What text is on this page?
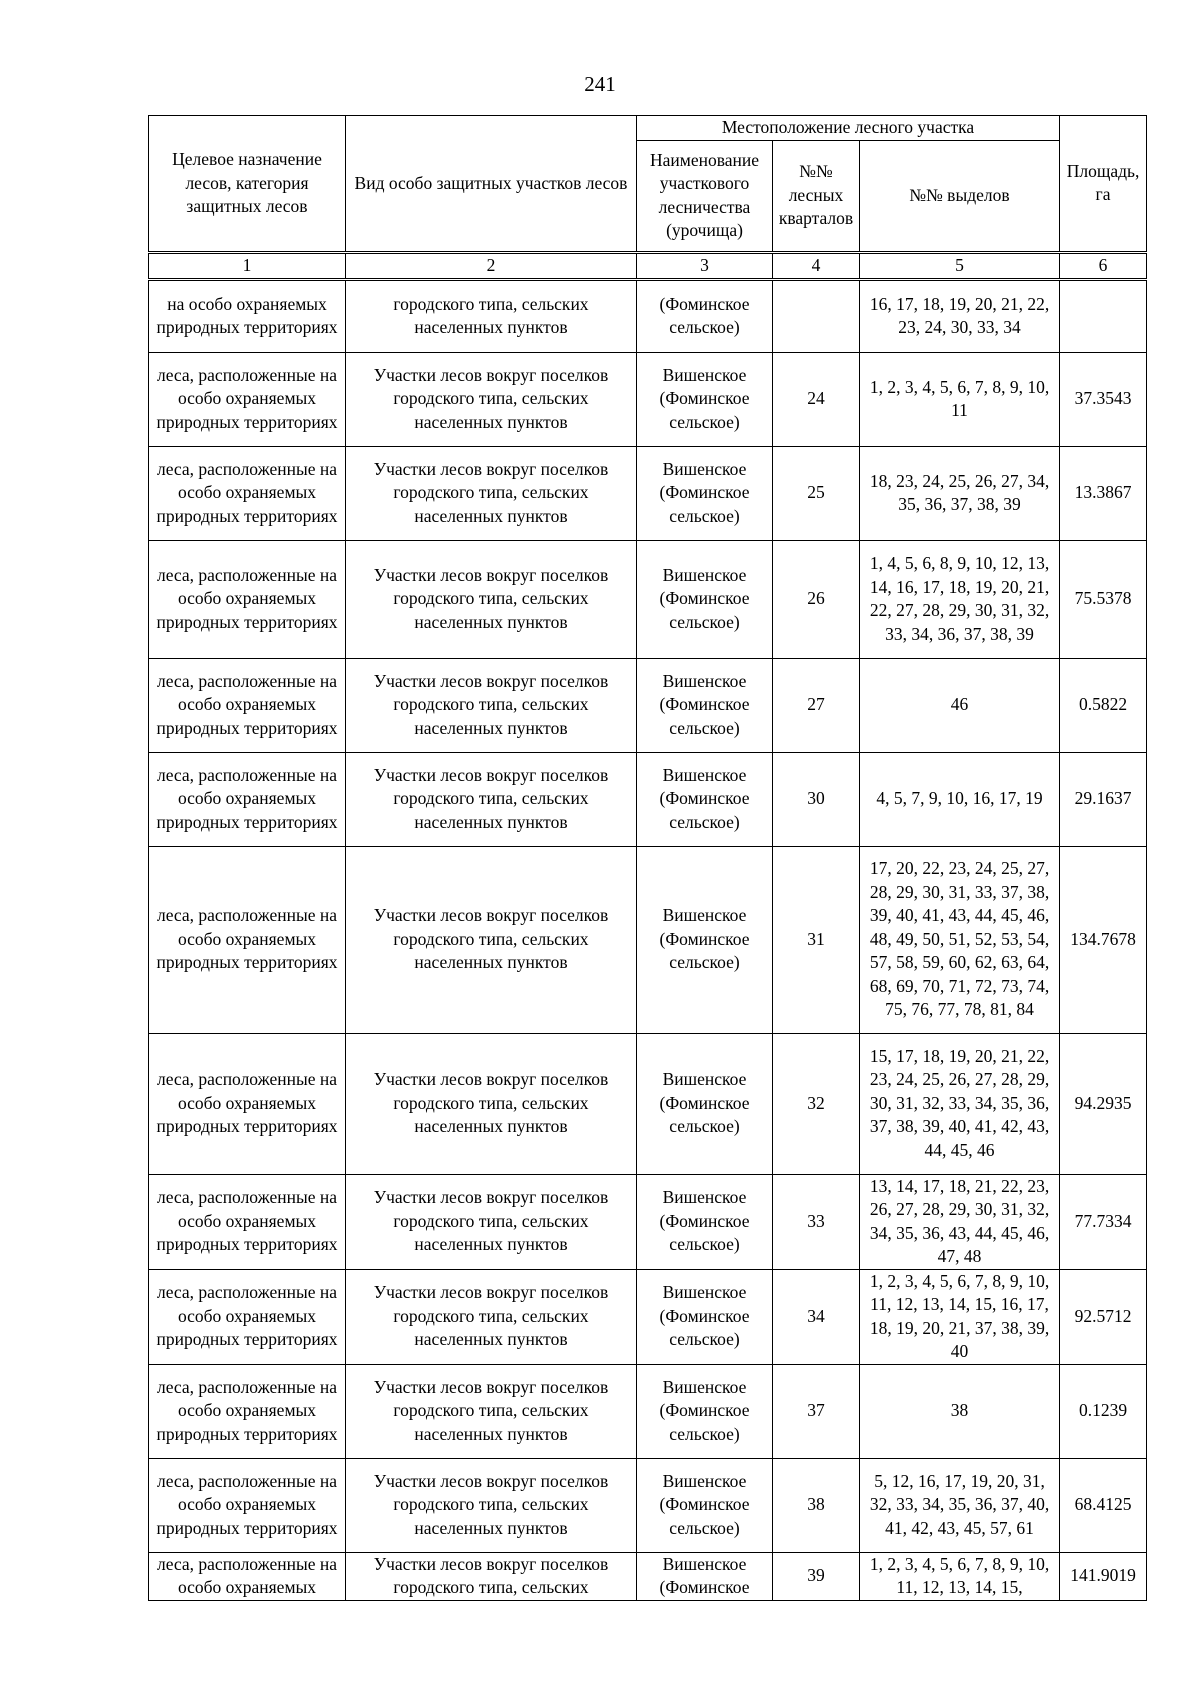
241
Целевое назначение лесов, категория защитных лесов	Вид особо защитных участков лесов	Местоположение лесного участка			Площадь, га
		Наименование участкового лесничества (урочища)	№№ лесных кварталов	№№ выделов	
1	2	3	4	5	6
на особо охраняемых природных территориях	городского типа, сельских населенных пунктов	(Фоминское сельское)		16, 17, 18, 19, 20, 21, 22, 23, 24, 30, 33, 34	
леса, расположенные на особо охраняемых природных территориях	Участки лесов вокруг поселков городского типа, сельских населенных пунктов	Вишенское (Фоминское сельское)	24	1, 2, 3, 4, 5, 6, 7, 8, 9, 10, 11	37.3543
леса, расположенные на особо охраняемых природных территориях	Участки лесов вокруг поселков городского типа, сельских населенных пунктов	Вишенское (Фоминское сельское)	25	18, 23, 24, 25, 26, 27, 34, 35, 36, 37, 38, 39	13.3867
леса, расположенные на особо охраняемых природных территориях	Участки лесов вокруг поселков городского типа, сельских населенных пунктов	Вишенское (Фоминское сельское)	26	1, 4, 5, 6, 8, 9, 10, 12, 13, 14, 16, 17, 18, 19, 20, 21, 22, 27, 28, 29, 30, 31, 32, 33, 34, 36, 37, 38, 39	75.5378
леса, расположенные на особо охраняемых природных территориях	Участки лесов вокруг поселков городского типа, сельских населенных пунктов	Вишенское (Фоминское сельское)	27	46	0.5822
леса, расположенные на особо охраняемых природных территориях	Участки лесов вокруг поселков городского типа, сельских населенных пунктов	Вишенское (Фоминское сельское)	30	4, 5, 7, 9, 10, 16, 17, 19	29.1637
леса, расположенные на особо охраняемых природных территориях	Участки лесов вокруг поселков городского типа, сельских населенных пунктов	Вишенское (Фоминское сельское)	31	17, 20, 22, 23, 24, 25, 27, 28, 29, 30, 31, 33, 37, 38, 39, 40, 41, 43, 44, 45, 46, 48, 49, 50, 51, 52, 53, 54, 57, 58, 59, 60, 62, 63, 64, 68, 69, 70, 71, 72, 73, 74, 75, 76, 77, 78, 81, 84	134.7678
леса, расположенные на особо охраняемых природных территориях	Участки лесов вокруг поселков городского типа, сельских населенных пунктов	Вишенское (Фоминское сельское)	32	15, 17, 18, 19, 20, 21, 22, 23, 24, 25, 26, 27, 28, 29, 30, 31, 32, 33, 34, 35, 36, 37, 38, 39, 40, 41, 42, 43, 44, 45, 46	94.2935
леса, расположенные на особо охраняемых природных территориях	Участки лесов вокруг поселков городского типа, сельских населенных пунктов	Вишенское (Фоминское сельское)	33	13, 14, 17, 18, 21, 22, 23, 26, 27, 28, 29, 30, 31, 32, 34, 35, 36, 43, 44, 45, 46, 47, 48	77.7334
леса, расположенные на особо охраняемых природных территориях	Участки лесов вокруг поселков городского типа, сельских населенных пунктов	Вишенское (Фоминское сельское)	34	1, 2, 3, 4, 5, 6, 7, 8, 9, 10, 11, 12, 13, 14, 15, 16, 17, 18, 19, 20, 21, 37, 38, 39, 40	92.5712
леса, расположенные на особо охраняемых природных территориях	Участки лесов вокруг поселков городского типа, сельских населенных пунктов	Вишенское (Фоминское сельское)	37	38	0.1239
леса, расположенные на особо охраняемых природных территориях	Участки лесов вокруг поселков городского типа, сельских населенных пунктов	Вишенское (Фоминское сельское)	38	5, 12, 16, 17, 19, 20, 31, 32, 33, 34, 35, 36, 37, 40, 41, 42, 43, 45, 57, 61	68.4125
леса, расположенные на особо охраняемых	Участки лесов вокруг поселков городского типа, сельских	Вишенское (Фоминское	39	1, 2, 3, 4, 5, 6, 7, 8, 9, 10, 11, 12, 13, 14, 15,	141.9019
